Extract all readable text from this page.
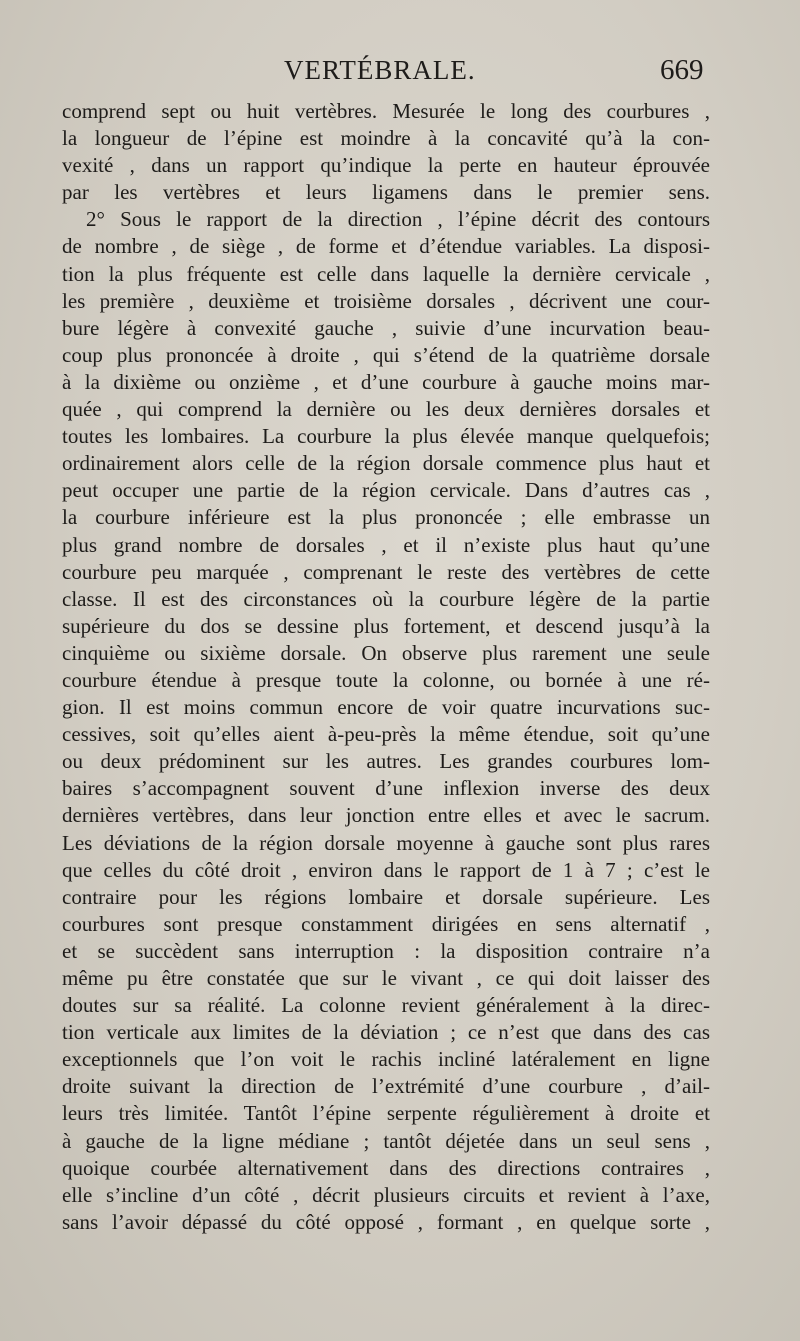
VERTÉBRALE.	669
comprend sept ou huit vertèbres. Mesurée le long des courbures ,
la longueur de l’épine est moindre à la concavité qu’à la con-
vexité , dans un rapport qu’indique la perte en hauteur éprouvée
par les vertèbres et leurs ligamens dans le premier sens.
2° Sous le rapport de la direction , l’épine décrit des contours
de nombre , de siège , de forme et d’étendue variables. La disposi-
tion la plus fréquente est celle dans laquelle la dernière cervicale ,
les première , deuxième et troisième dorsales , décrivent une cour-
bure légère à convexité gauche , suivie d’une incurvation beau-
coup plus prononcée à droite , qui s’étend de la quatrième dorsale
à la dixième ou onzième , et d’une courbure à gauche moins mar-
quée , qui comprend la dernière ou les deux dernières dorsales et
toutes les lombaires. La courbure la plus élevée manque quelquefois;
ordinairement alors celle de la région dorsale commence plus haut et
peut occuper une partie de la région cervicale. Dans d’autres cas ,
la courbure inférieure est la plus prononcée ; elle embrasse un
plus grand nombre de dorsales , et il n’existe plus haut qu’une
courbure peu marquée , comprenant le reste des vertèbres de cette
classe. Il est des circonstances où la courbure légère de la partie
supérieure du dos se dessine plus fortement, et descend jusqu’à la
cinquième ou sixième dorsale. On observe plus rarement une seule
courbure étendue à presque toute la colonne, ou bornée à une ré-
gion. Il est moins commun encore de voir quatre incurvations suc-
cessives, soit qu’elles aient à-peu-près la même étendue, soit qu’une
ou deux prédominent sur les autres. Les grandes courbures lom-
baires s’accompagnent souvent d’une inflexion inverse des deux
dernières vertèbres, dans leur jonction entre elles et avec le sacrum.
Les déviations de la région dorsale moyenne à gauche sont plus rares
que celles du côté droit , environ dans le rapport de 1 à 7 ; c’est le
contraire pour les régions lombaire et dorsale supérieure. Les
courbures sont presque constamment dirigées en sens alternatif ,
et se succèdent sans interruption : la disposition contraire n’a
même pu être constatée que sur le vivant , ce qui doit laisser des
doutes sur sa réalité. La colonne revient généralement à la direc-
tion verticale aux limites de la déviation ; ce n’est que dans des cas
exceptionnels que l’on voit le rachis incliné latéralement en ligne
droite suivant la direction de l’extrémité d’une courbure , d’ail-
leurs très limitée. Tantôt l’épine serpente régulièrement à droite et
à gauche de la ligne médiane ; tantôt déjetée dans un seul sens ,
quoique courbée alternativement dans des directions contraires ,
elle s’incline d’un côté , décrit plusieurs circuits et revient à l’axe,
sans l’avoir dépassé du côté opposé , formant , en quelque sorte ,
